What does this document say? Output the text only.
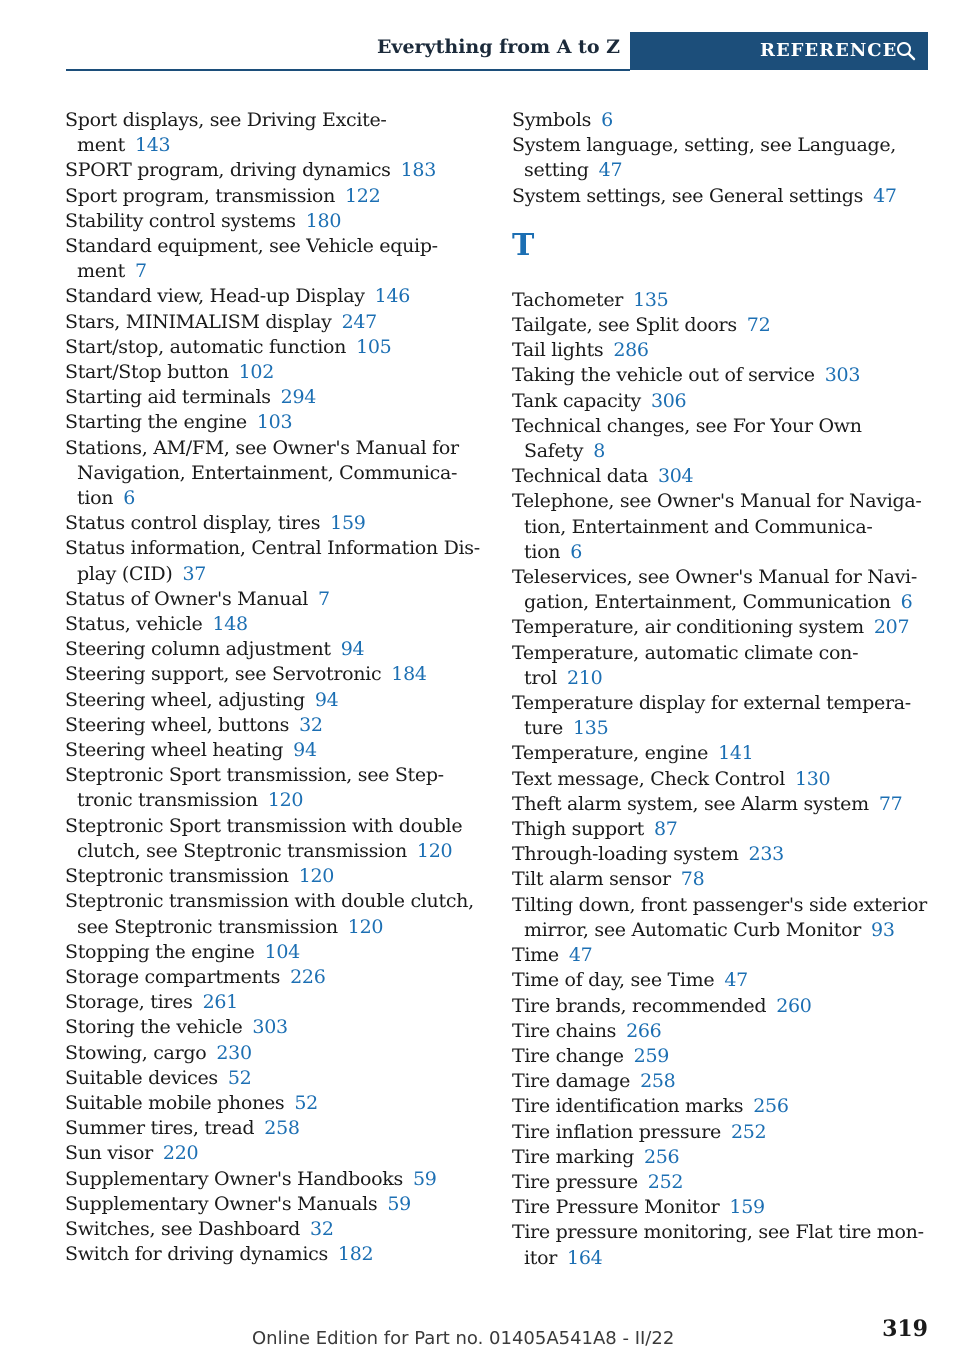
Everything from A to Z	REFERENCE
Sport displays, see Driving Excite-
ment 143
SPORT program, driving dynamics 183
Sport program, transmission 122
Stability control systems 180
Standard equipment, see Vehicle equip-
ment 7
Standard view, Head-up Display 146
Stars, MINIMALISM display 247
Start/stop, automatic function 105
Start/Stop button 102
Starting aid terminals 294
Starting the engine 103
Stations, AM/FM, see Owner's Manual for
Navigation, Entertainment, Communica-
tion 6
Status control display, tires 159
Status information, Central Information Dis-
play (CID) 37
Status of Owner's Manual 7
Status, vehicle 148
Steering column adjustment 94
Steering support, see Servotronic 184
Steering wheel, adjusting 94
Steering wheel, buttons 32
Steering wheel heating 94
Steptronic Sport transmission, see Step-
tronic transmission 120
Steptronic Sport transmission with double
clutch, see Steptronic transmission 120
Steptronic transmission 120
Steptronic transmission with double clutch,
see Steptronic transmission 120
Stopping the engine 104
Storage compartments 226
Storage, tires 261
Storing the vehicle 303
Stowing, cargo 230
Suitable devices 52
Suitable mobile phones 52
Summer tires, tread 258
Sun visor 220
Supplementary Owner's Handbooks 59
Supplementary Owner's Manuals 59
Switches, see Dashboard 32
Switch for driving dynamics 182
Symbols 6
System language, setting, see Language,
setting 47
System settings, see General settings 47
T
Tachometer 135
Tailgate, see Split doors 72
Tail lights 286
Taking the vehicle out of service 303
Tank capacity 306
Technical changes, see For Your Own
Safety 8
Technical data 304
Telephone, see Owner's Manual for Naviga-
tion, Entertainment and Communica-
tion 6
Teleservices, see Owner's Manual for Navi-
gation, Entertainment, Communication 6
Temperature, air conditioning system 207
Temperature, automatic climate con-
trol 210
Temperature display for external tempera-
ture 135
Temperature, engine 141
Text message, Check Control 130
Theft alarm system, see Alarm system 77
Thigh support 87
Through-loading system 233
Tilt alarm sensor 78
Tilting down, front passenger's side exterior
mirror, see Automatic Curb Monitor 93
Time 47
Time of day, see Time 47
Tire brands, recommended 260
Tire chains 266
Tire change 259
Tire damage 258
Tire identification marks 256
Tire inflation pressure 252
Tire marking 256
Tire pressure 252
Tire Pressure Monitor 159
Tire pressure monitoring, see Flat tire mon-
itor 164
Online Edition for Part no. 01405A541A8 - II/22	319
